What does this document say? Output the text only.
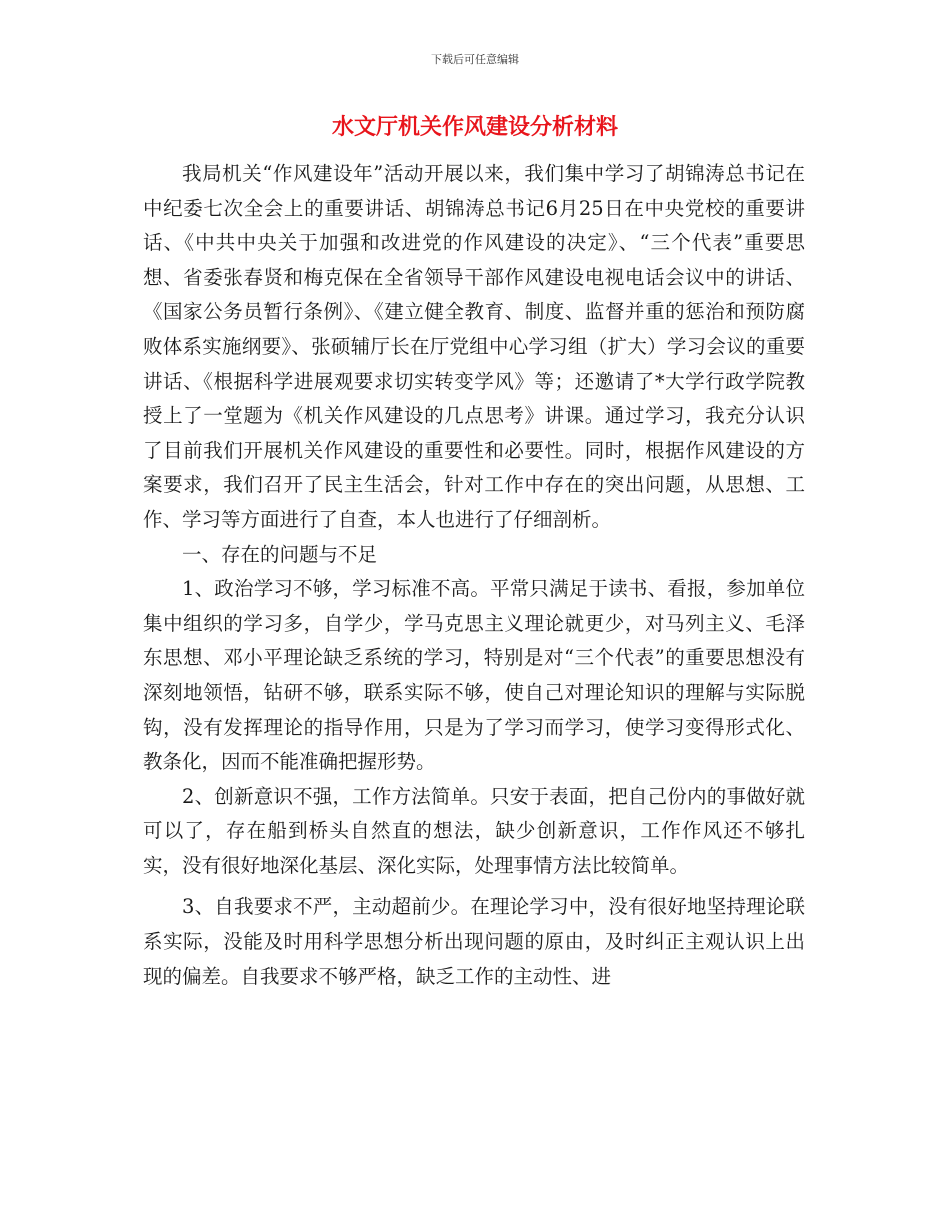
下载后可任意编辑
水文厅机关作风建设分析材料

我局机关“作风建设年”活动开展以来，我们集中学习了胡锦涛总书记在中纪委七次全会上的重要讲话、胡锦涛总书记6月25日在中央党校的重要讲话、《中共中央关于加强和改进党的作风建设的决定》、“三个代表”重要思想、省委张春贤和梅克保在全省领导干部作风建设电视电话会议中的讲话、《国家公务员暂行条例》、《建立健全教育、制度、监督并重的惩治和预防腐败体系实施纲要》、张硕辅厅长在厅党组中心学习组（扩大）学习会议的重要讲话、《根据科学进展观要求切实转变学风》等；还邀请了*大学行政学院教授上了一堂题为《机关作风建设的几点思考》讲课。通过学习，我充分认识了目前我们开展机关作风建设的重要性和必要性。同时，根据作风建设的方案要求，我们召开了民主生活会，针对工作中存在的突出问题，从思想、工作、学习等方面进行了自查，本人也进行了仔细剖析。

一、存在的问题与不足

1、政治学习不够，学习标准不高。平常只满足于读书、看报，参加单位集中组织的学习多，自学少，学马克思主义理论就更少，对马列主义、毛泽东思想、邓小平理论缺乏系统的学习，特别是对“三个代表”的重要思想没有深刻地领悟，钻研不够，联系实际不够，使自己对理论知识的理解与实际脱钩，没有发挥理论的指导作用，只是为了学习而学习，使学习变得形式化、教条化，因而不能准确把握形势。

2、创新意识不强，工作方法简单。只安于表面，把自己份内的事做好就可以了，存在船到桥头自然直的想法，缺少创新意识，工作作风还不够扎实，没有很好地深化基层、深化实际，处理事情方法比较简单。

3、自我要求不严，主动超前少。在理论学习中，没有很好地坚持理论联系实际，没能及时用科学思想分析出现问题的原由，及时纠正主观认识上出现的偏差。自我要求不够严格，缺乏工作的主动性、进
